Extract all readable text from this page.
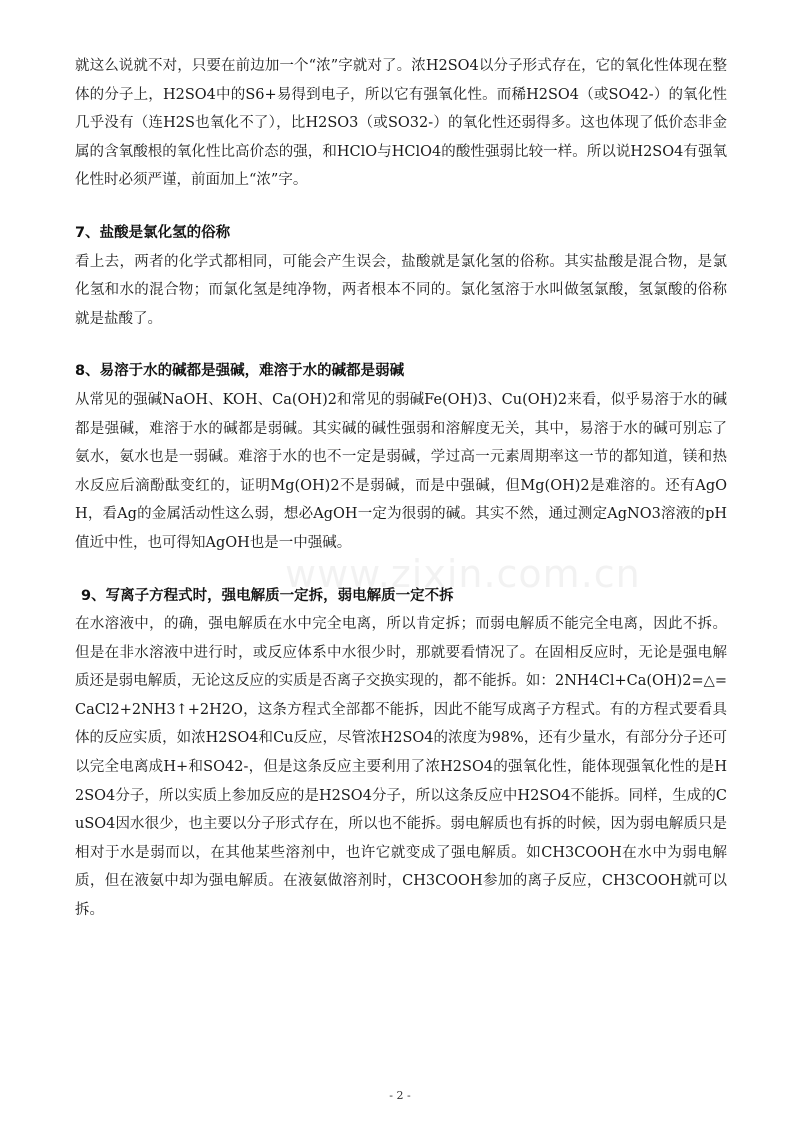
www.zixin.com.cn

就这么说就不对，只要在前边加一个“浓”字就对了。浓H2SO4以分子形式存在，它的氧化性体现在整体的分子上，H2SO4中的S6+易得到电子，所以它有强氧化性。而稀H2SO4（或SO42-）的氧化性几乎没有（连H2S也氧化不了），比H2SO3（或SO32-）的氧化性还弱得多。这也体现了低价态非金属的含氧酸根的氧化性比高价态的强，和HClO与HClO4的酸性强弱比较一样。所以说H2SO4有强氧化性时必须严谨，前面加上“浓”字。

7、盐酸是氯化氢的俗称

看上去，两者的化学式都相同，可能会产生误会，盐酸就是氯化氢的俗称。其实盐酸是混合物，是氯化氢和水的混合物；而氯化氢是纯净物，两者根本不同的。氯化氢溶于水叫做氢氯酸，氢氯酸的俗称就是盐酸了。

8、易溶于水的碱都是强碱，难溶于水的碱都是弱碱

从常见的强碱NaOH、KOH、Ca(OH)2和常见的弱碱Fe(OH)3、Cu(OH)2来看，似乎易溶于水的碱都是强碱，难溶于水的碱都是弱碱。其实碱的碱性强弱和溶解度无关，其中，易溶于水的碱可别忘了氨水，氨水也是一弱碱。难溶于水的也不一定是弱碱，学过高一元素周期率这一节的都知道，镁和热水反应后滴酚酞变红的，证明Mg(OH)2不是弱碱，而是中强碱，但Mg(OH)2是难溶的。还有AgOH，看Ag的金属活动性这么弱，想必AgOH一定为很弱的碱。其实不然，通过测定AgNO3溶液的pH值近中性，也可得知AgOH也是一中强碱。

9、写离子方程式时，强电解质一定拆，弱电解质一定不拆

在水溶液中，的确，强电解质在水中完全电离，所以肯定拆；而弱电解质不能完全电离，因此不拆。但是在非水溶液中进行时，或反应体系中水很少时，那就要看情况了。在固相反应时，无论是强电解质还是弱电解质，无论这反应的实质是否离子交换实现的，都不能拆。如：2NH4Cl+Ca(OH)2=△=CaCl2+2NH3↑+2H2O，这条方程式全部都不能拆，因此不能写成离子方程式。有的方程式要看具体的反应实质，如浓H2SO4和Cu反应，尽管浓H2SO4的浓度为98%，还有少量水，有部分分子还可以完全电离成H+和SO42-，但是这条反应主要利用了浓H2SO4的强氧化性，能体现强氧化性的是H2SO4分子，所以实质上参加反应的是H2SO4分子，所以这条反应中H2SO4不能拆。同样，生成的CuSO4因水很少，也主要以分子形式存在，所以也不能拆。弱电解质也有拆的时候，因为弱电解质只是相对于水是弱而以，在其他某些溶剂中，也许它就变成了强电解质。如CH3COOH在水中为弱电解质，但在液氨中却为强电解质。在液氨做溶剂时，CH3COOH参加的离子反应，CH3COOH就可以拆。

- 2 -
